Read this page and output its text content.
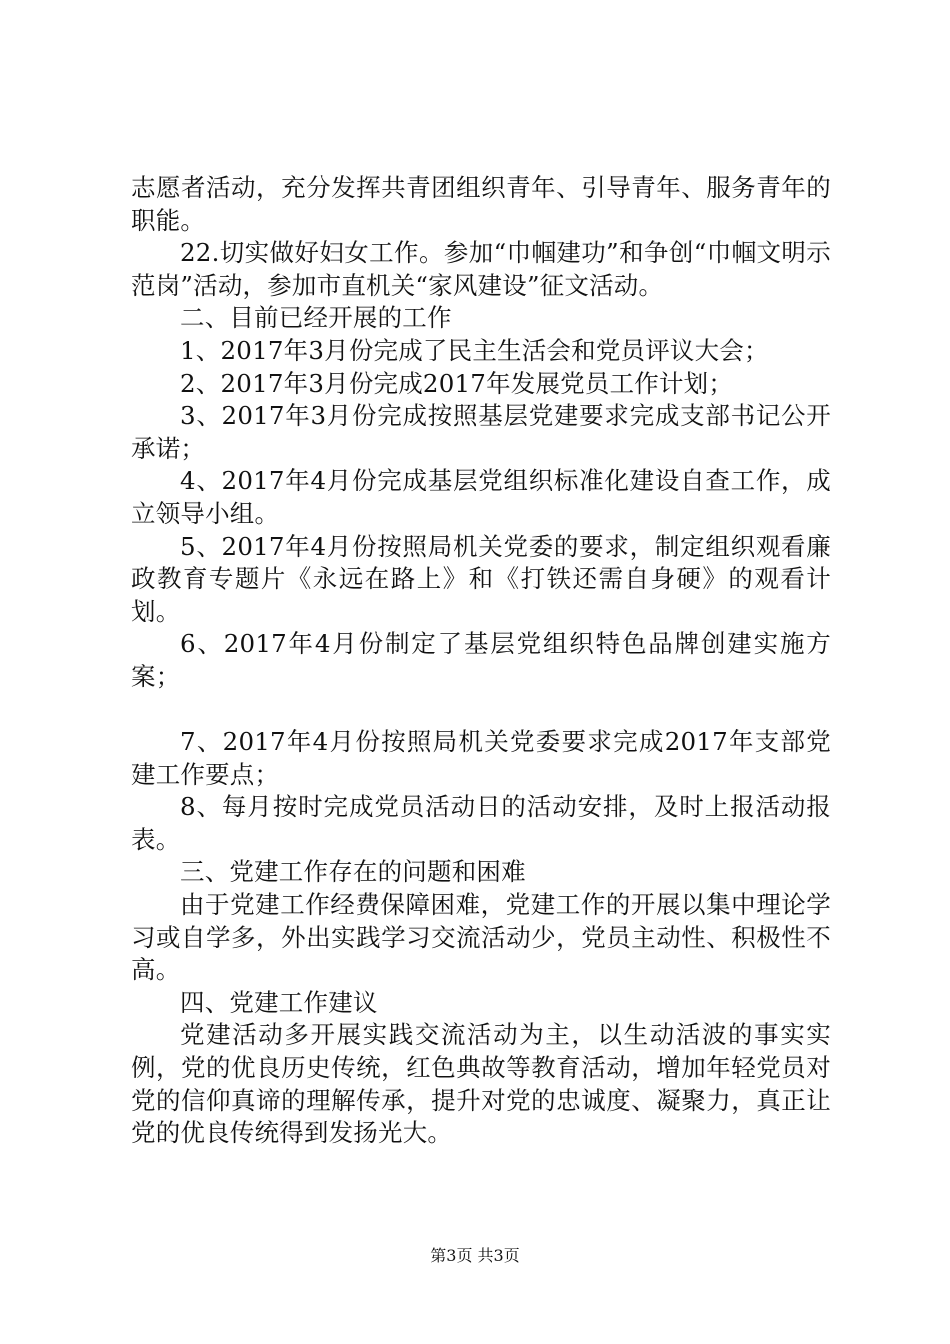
志愿者活动，充分发挥共青团组织青年、引导青年、服务青年的职能。

22.切实做好妇女工作。参加“巾帼建功”和争创“巾帼文明示范岗”活动，参加市直机关“家风建设”征文活动。

二、目前已经开展的工作

1、2017年3月份完成了民主生活会和党员评议大会；

2、2017年3月份完成2017年发展党员工作计划；

3、2017年3月份完成按照基层党建要求完成支部书记公开承诺；

4、2017年4月份完成基层党组织标准化建设自查工作，成立领导小组。

5、2017年4月份按照局机关党委的要求，制定组织观看廉政教育专题片《永远在路上》和《打铁还需自身硬》的观看计划。

6、2017年4月份制定了基层党组织特色品牌创建实施方案；

7、2017年4月份按照局机关党委要求完成2017年支部党建工作要点；

8、每月按时完成党员活动日的活动安排，及时上报活动报表。

三、党建工作存在的问题和困难

由于党建工作经费保障困难，党建工作的开展以集中理论学习或自学多，外出实践学习交流活动少，党员主动性、积极性不高。

四、党建工作建议

党建活动多开展实践交流活动为主，以生动活波的事实实例，党的优良历史传统，红色典故等教育活动，增加年轻党员对党的信仰真谛的理解传承，提升对党的忠诚度、凝聚力，真正让党的优良传统得到发扬光大。

第3页 共3页
